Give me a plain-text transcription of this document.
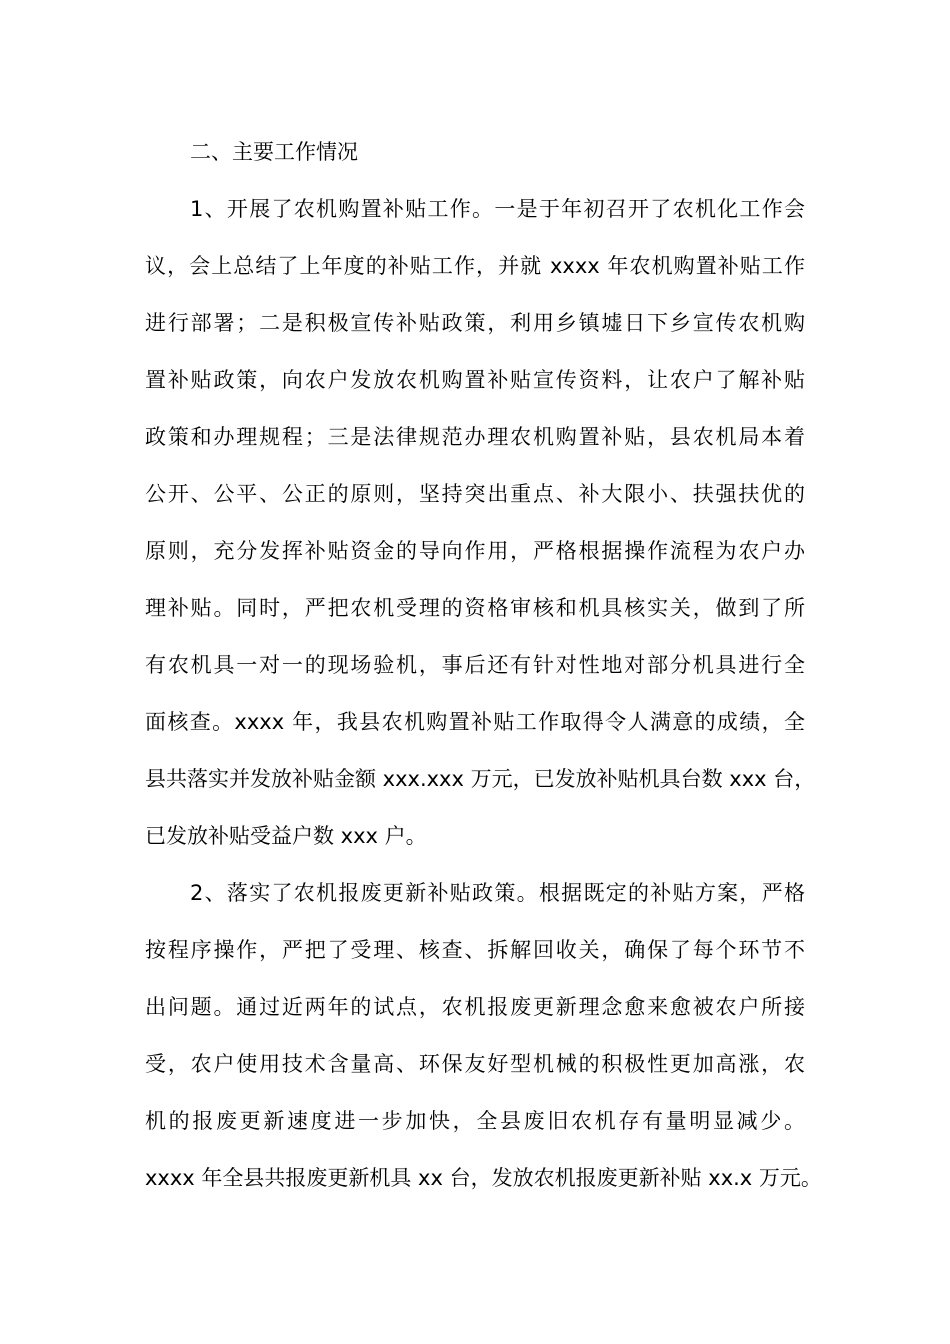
二、主要工作情况
1、开展了农机购置补贴工作。一是于年初召开了农机化工作会
议，会上总结了上年度的补贴工作，并就 xxxx 年农机购置补贴工作
进行部署；二是积极宣传补贴政策，利用乡镇墟日下乡宣传农机购
置补贴政策，向农户发放农机购置补贴宣传资料，让农户了解补贴
政策和办理规程；三是法律规范办理农机购置补贴，县农机局本着
公开、公平、公正的原则，坚持突出重点、补大限小、扶强扶优的
原则，充分发挥补贴资金的导向作用，严格根据操作流程为农户办
理补贴。同时，严把农机受理的资格审核和机具核实关，做到了所
有农机具一对一的现场验机，事后还有针对性地对部分机具进行全
面核查。xxxx 年，我县农机购置补贴工作取得令人满意的成绩，全
县共落实并发放补贴金额 xxx.xxx 万元，已发放补贴机具台数 xxx 台，
已发放补贴受益户数 xxx 户。
2、落实了农机报废更新补贴政策。根据既定的补贴方案，严格
按程序操作，严把了受理、核查、拆解回收关，确保了每个环节不
出问题。通过近两年的试点，农机报废更新理念愈来愈被农户所接
受，农户使用技术含量高、环保友好型机械的积极性更加高涨，农
机的报废更新速度进一步加快，全县废旧农机存有量明显减少。
xxxx 年全县共报废更新机具 xx 台，发放农机报废更新补贴 xx.x 万元。
